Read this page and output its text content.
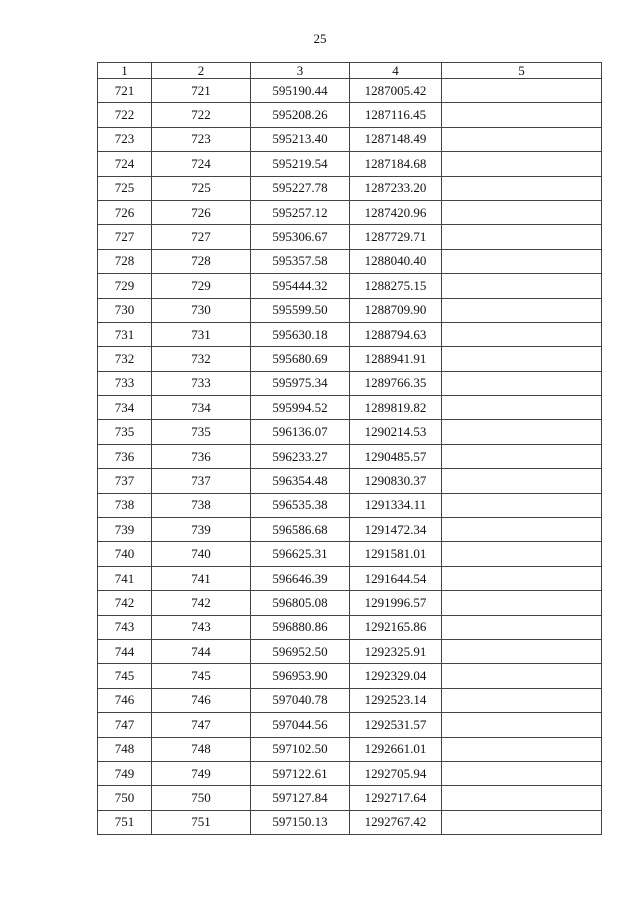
25
1	2	3	4	5
721	721	595190.44	1287005.42	
722	722	595208.26	1287116.45	
723	723	595213.40	1287148.49	
724	724	595219.54	1287184.68	
725	725	595227.78	1287233.20	
726	726	595257.12	1287420.96	
727	727	595306.67	1287729.71	
728	728	595357.58	1288040.40	
729	729	595444.32	1288275.15	
730	730	595599.50	1288709.90	
731	731	595630.18	1288794.63	
732	732	595680.69	1288941.91	
733	733	595975.34	1289766.35	
734	734	595994.52	1289819.82	
735	735	596136.07	1290214.53	
736	736	596233.27	1290485.57	
737	737	596354.48	1290830.37	
738	738	596535.38	1291334.11	
739	739	596586.68	1291472.34	
740	740	596625.31	1291581.01	
741	741	596646.39	1291644.54	
742	742	596805.08	1291996.57	
743	743	596880.86	1292165.86	
744	744	596952.50	1292325.91	
745	745	596953.90	1292329.04	
746	746	597040.78	1292523.14	
747	747	597044.56	1292531.57	
748	748	597102.50	1292661.01	
749	749	597122.61	1292705.94	
750	750	597127.84	1292717.64	
751	751	597150.13	1292767.42	
